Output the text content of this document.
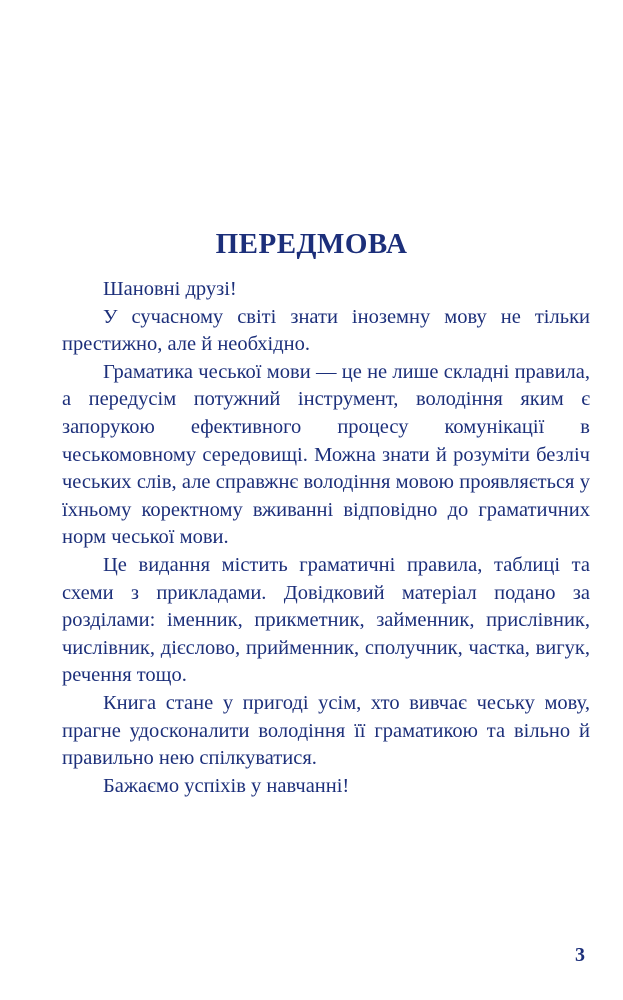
ПЕРЕДМОВА

Шановні друзі!

У сучасному світі знати іноземну мову не тільки престижно, але й необхідно.

Граматика чеської мови — це не лише складні правила, а передусім потужний інструмент, володіння яким є запорукою ефективного процесу комунікації в чеськомовному середовищі. Можна знати й розуміти безліч чеських слів, але справжнє володіння мовою проявляється у їхньому коректному вживанні відповідно до граматичних норм чеської мови.

Це видання містить граматичні правила, таблиці та схеми з прикладами. Довідковий матеріал подано за розділами: іменник, прикметник, займенник, прислівник, числівник, дієслово, прийменник, сполучник, частка, вигук, речення тощо.

Книга стане у пригоді усім, хто вивчає чеську мову, прагне удосконалити володіння її граматикою та вільно й правильно нею спілкуватися.

Бажаємо успіхів у навчанні!

3
